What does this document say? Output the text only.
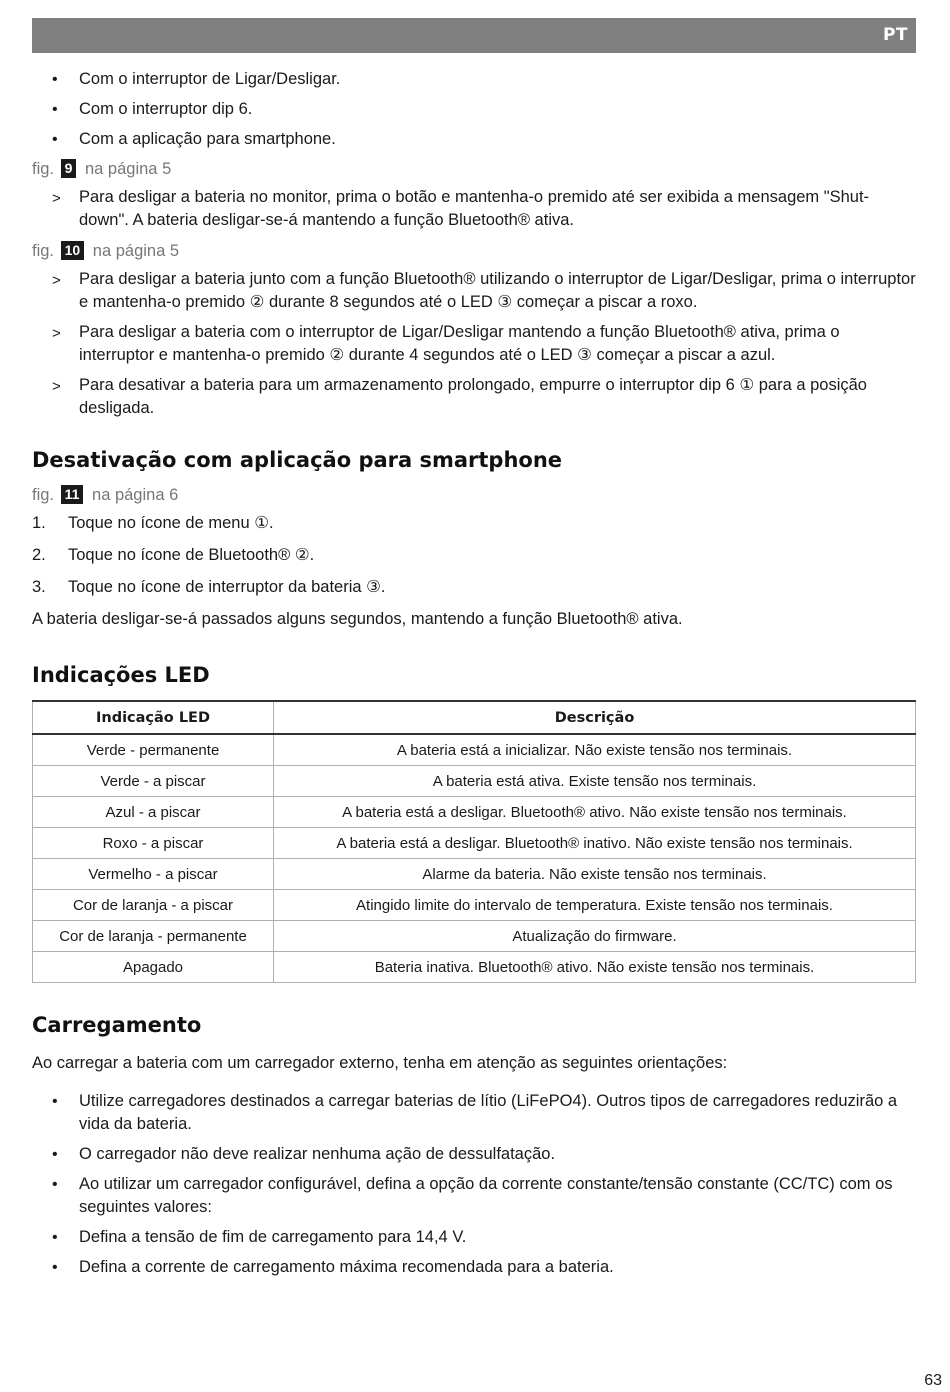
PT
• Com o interruptor de Ligar/Desligar.
• Com o interruptor dip 6.
• Com a aplicação para smartphone.
fig. 9 na página 5
> Para desligar a bateria no monitor, prima o botão e mantenha-o premido até ser exibida a mensagem "Shut-down". A bateria desligar-se-á mantendo a função Bluetooth® ativa.
fig. 10 na página 5
> Para desligar a bateria junto com a função Bluetooth® utilizando o interruptor de Ligar/Desligar, prima o interruptor e mantenha-o premido ② durante 8 segundos até o LED ③ começar a piscar a roxo.
> Para desligar a bateria com o interruptor de Ligar/Desligar mantendo a função Bluetooth® ativa, prima o interruptor e mantenha-o premido ② durante 4 segundos até o LED ③ começar a piscar a azul.
> Para desativar a bateria para um armazenamento prolongado, empurre o interruptor dip 6 ① para a posição desligada.
Desativação com aplicação para smartphone
fig. 11 na página 6
1. Toque no ícone de menu ①.
2. Toque no ícone de Bluetooth® ②.
3. Toque no ícone de interruptor da bateria ③.

A bateria desligar-se-á passados alguns segundos, mantendo a função Bluetooth® ativa.

Indicações LED
Indicação LED	Descrição
Verde - permanente	A bateria está a inicializar. Não existe tensão nos terminais.
Verde - a piscar	A bateria está ativa. Existe tensão nos terminais.
Azul - a piscar	A bateria está a desligar. Bluetooth® ativo. Não existe tensão nos terminais.
Roxo - a piscar	A bateria está a desligar. Bluetooth® inativo. Não existe tensão nos terminais.
Vermelho - a piscar	Alarme da bateria. Não existe tensão nos terminais.
Cor de laranja - a piscar	Atingido limite do intervalo de temperatura. Existe tensão nos terminais.
Cor de laranja - permanente	Atualização do firmware.
Apagado	Bateria inativa. Bluetooth® ativo. Não existe tensão nos terminais.
Carregamento

Ao carregar a bateria com um carregador externo, tenha em atenção as seguintes orientações:

• Utilize carregadores destinados a carregar baterias de lítio (LiFePO4). Outros tipos de carregadores reduzirão a vida da bateria.
• O carregador não deve realizar nenhuma ação de dessulfatação.
• Ao utilizar um carregador configurável, defina a opção da corrente constante/tensão constante (CC/TC) com os seguintes valores:
• Defina a tensão de fim de carregamento para 14,4 V.
• Defina a corrente de carregamento máxima recomendada para a bateria.
63
